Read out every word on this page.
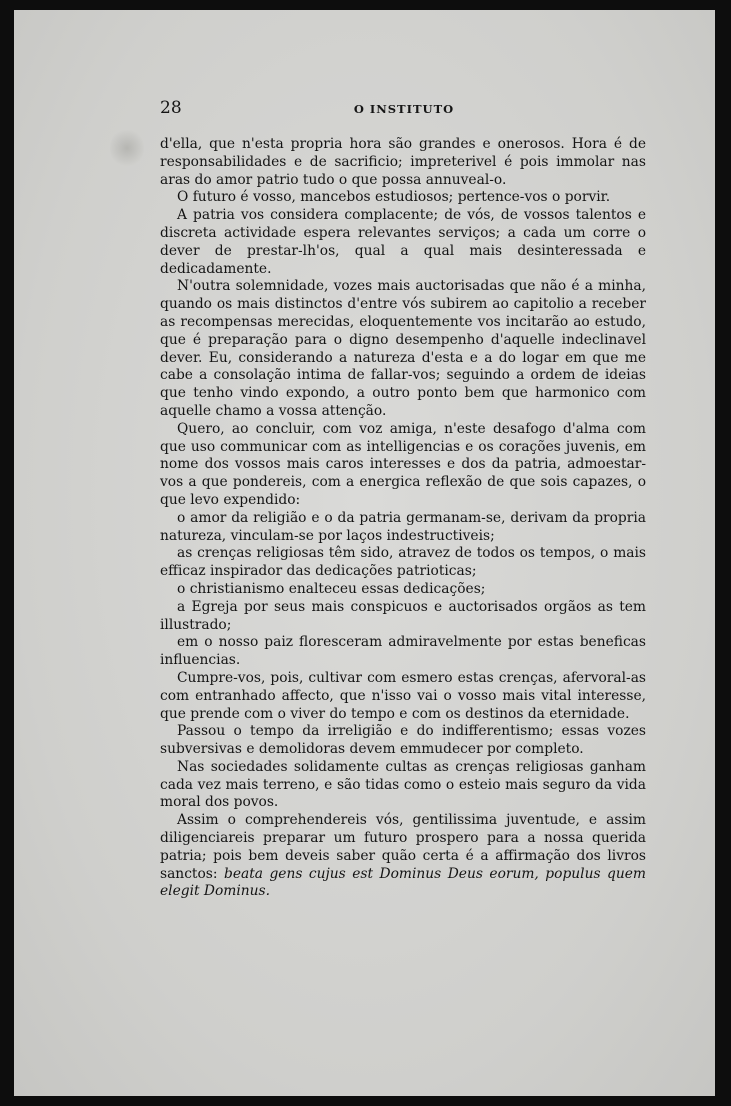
28	O INSTITUTO

d'ella, que n'esta propria hora são grandes e onerosos. Hora é de responsabilidades e de sacrificio; impreterivel é pois immolar nas aras do amor patrio tudo o que possa annuveal-o.

O futuro é vosso, mancebos estudiosos; pertence-vos o porvir.

A patria vos considera complacente; de vós, de vossos talentos e discreta actividade espera relevantes serviços; a cada um corre o dever de prestar-lh'os, qual a qual mais desinteressada e dedicadamente.

N'outra solemnidade, vozes mais auctorisadas que não é a minha, quando os mais distinctos d'entre vós subirem ao capitolio a receber as recompensas merecidas, eloquentemente vos incitarão ao estudo, que é preparação para o digno desempenho d'aquelle indeclinavel dever. Eu, considerando a natureza d'esta e a do logar em que me cabe a consolação intima de fallar-vos; seguindo a ordem de ideias que tenho vindo expondo, a outro ponto bem que harmonico com aquelle chamo a vossa attenção.

Quero, ao concluir, com voz amiga, n'este desafogo d'alma com que uso communicar com as intelligencias e os corações juvenis, em nome dos vossos mais caros interesses e dos da patria, admoestar-vos a que pondereis, com a energica reflexão de que sois capazes, o que levo expendido:

o amor da religião e o da patria germanam-se, derivam da propria natureza, vinculam-se por laços indestructiveis;

as crenças religiosas têm sido, atravez de todos os tempos, o mais efficaz inspirador das dedicações patrioticas;

o christianismo enalteceu essas dedicações;

a Egreja por seus mais conspicuos e auctorisados orgãos as tem illustrado;

em o nosso paiz floresceram admiravelmente por estas beneficas influencias.

Cumpre-vos, pois, cultivar com esmero estas crenças, afervoral-as com entranhado affecto, que n'isso vai o vosso mais vital interesse, que prende com o viver do tempo e com os destinos da eternidade.

Passou o tempo da irreligião e do indifferentismo; essas vozes subversivas e demolidoras devem emmudecer por completo.

Nas sociedades solidamente cultas as crenças religiosas ganham cada vez mais terreno, e são tidas como o esteio mais seguro da vida moral dos povos.

Assim o comprehendereis vós, gentilissima juventude, e assim diligenciareis preparar um futuro prospero para a nossa querida patria; pois bem deveis saber quão certa é a affirmação dos livros sanctos: beata gens cujus est Dominus Deus eorum, populus quem elegit Dominus.
